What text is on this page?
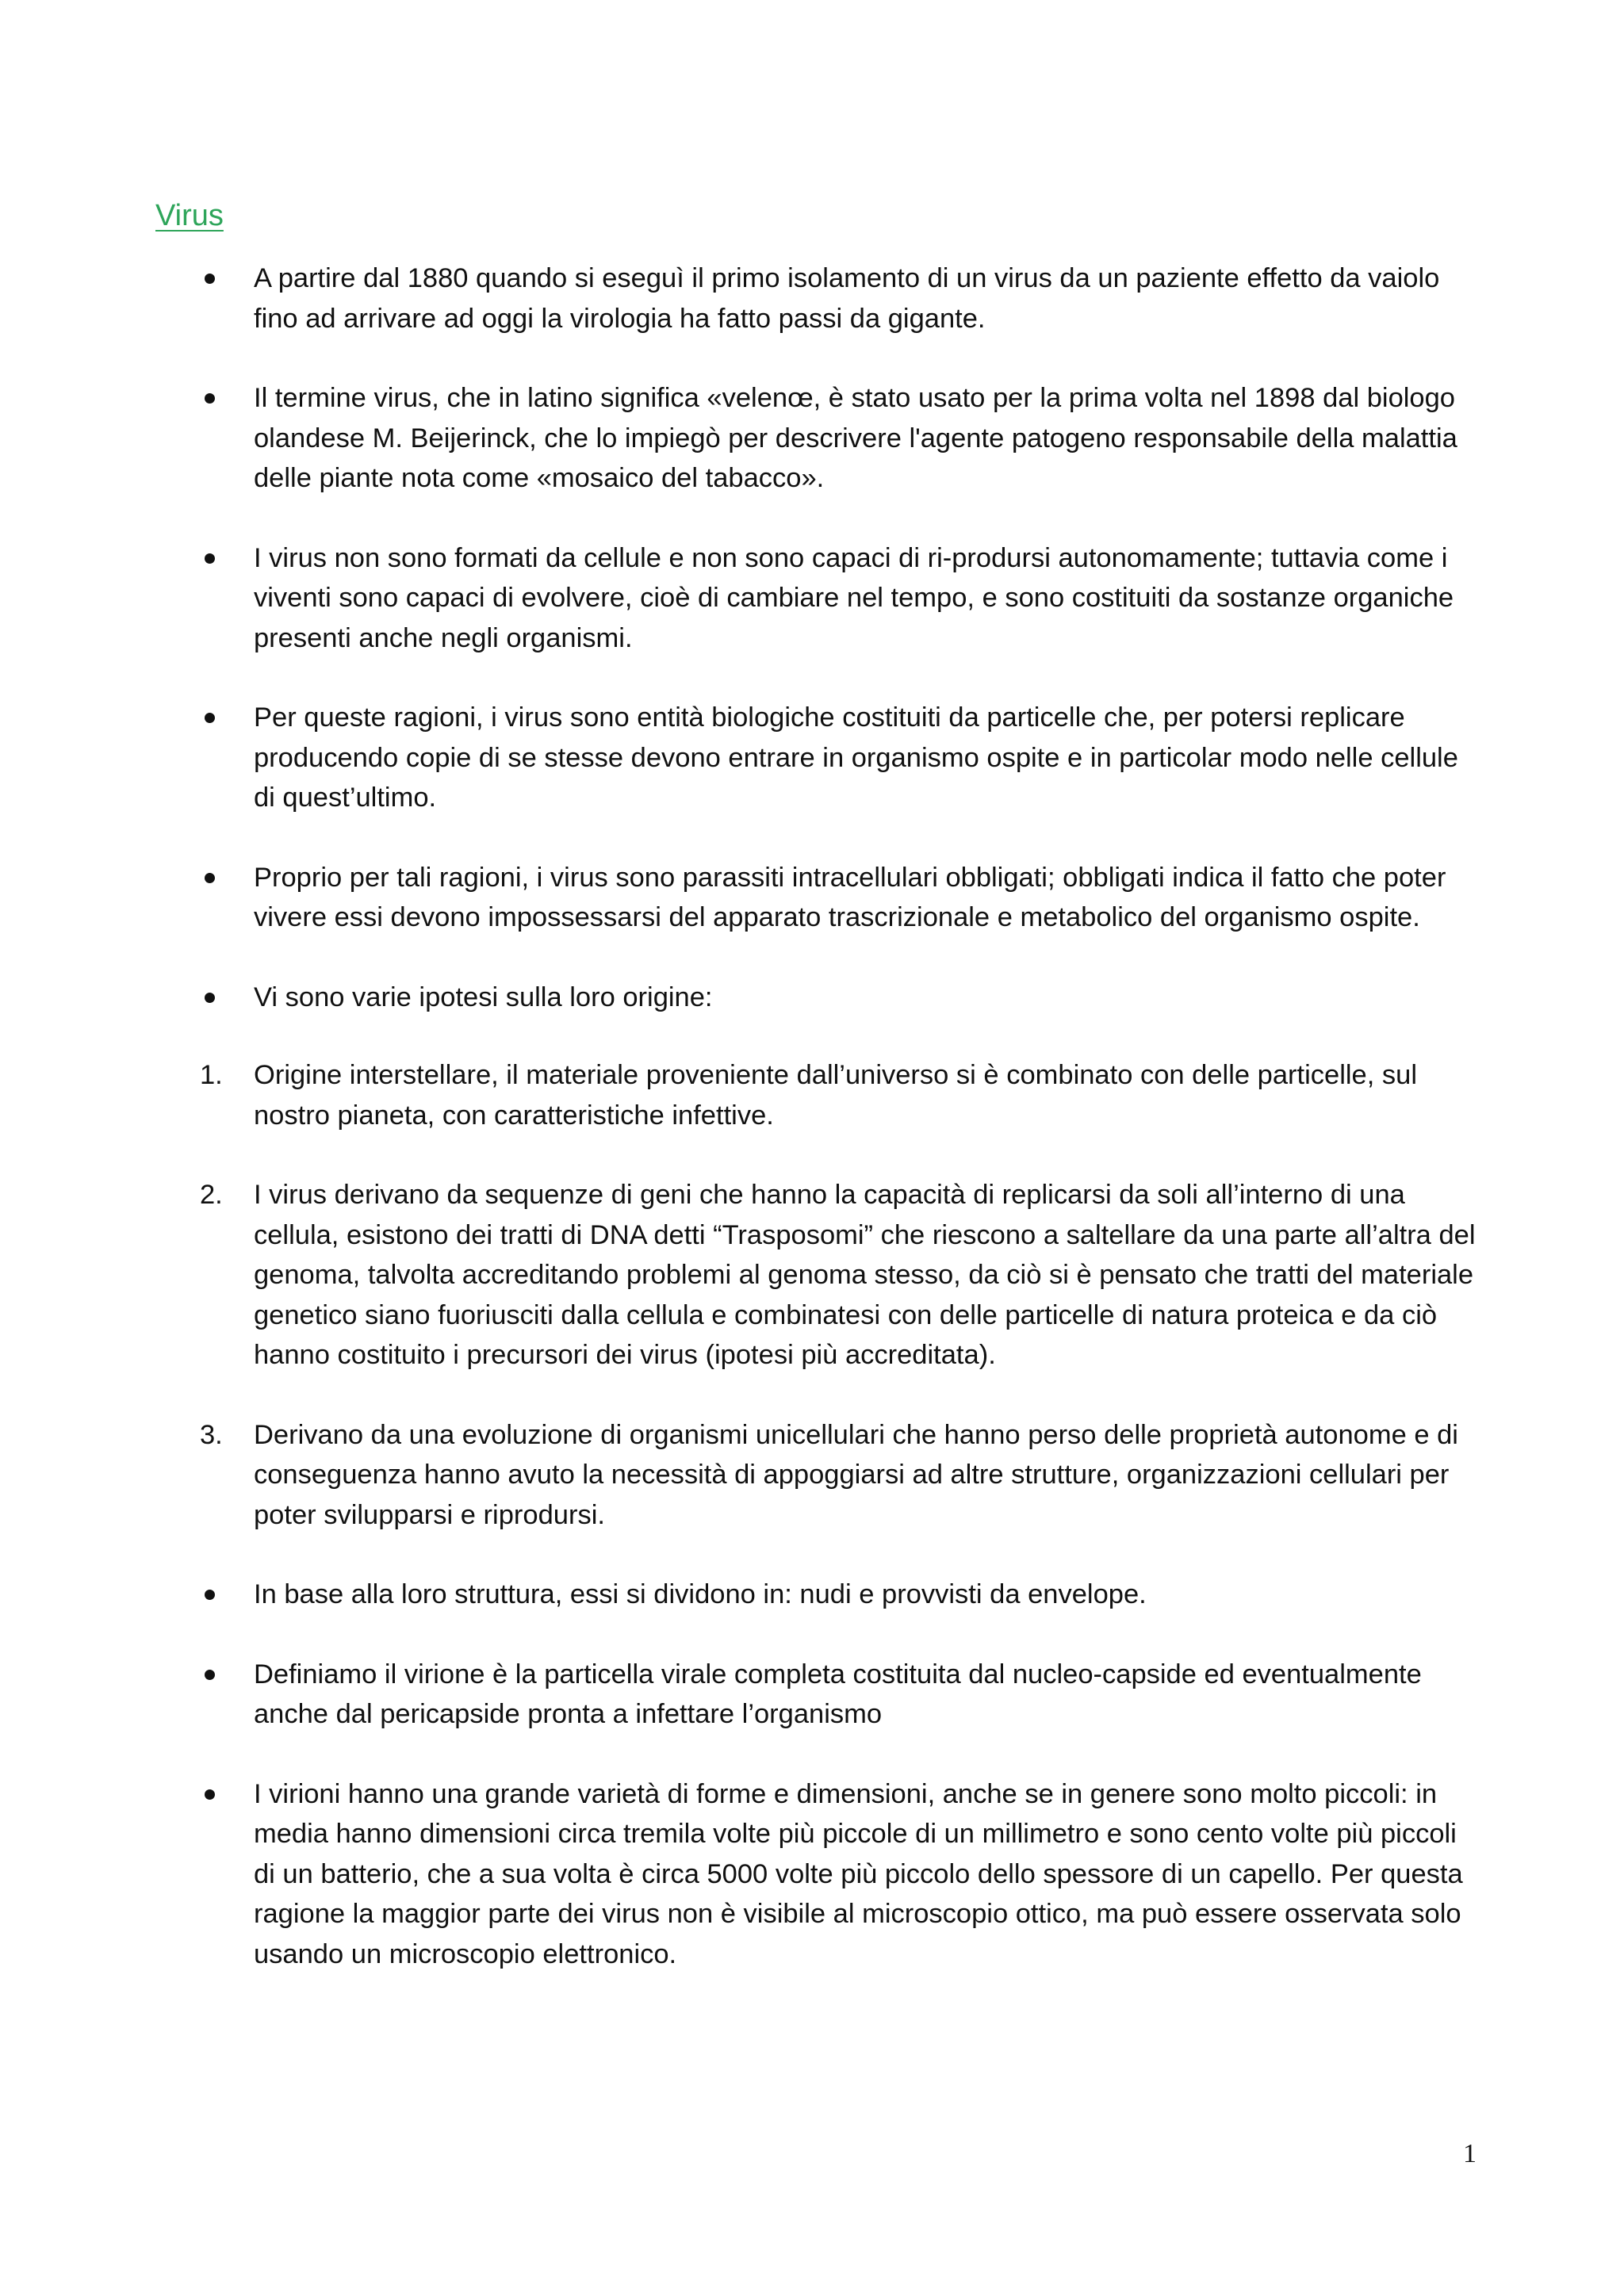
Virus
A partire dal 1880 quando si eseguì il primo isolamento di un virus da un paziente effetto da vaiolo fino ad arrivare ad oggi la virologia ha fatto passi da gigante.
Il termine virus, che in latino significa «velenœ, è stato usato per la prima volta nel 1898 dal biologo olandese M. Beijerinck, che lo impiegò per descrivere l'agente patogeno responsabile della malattia delle piante nota come «mosaico del tabacco».
I virus non sono formati da cellule e non sono capaci di ri-prodursi autonomamente; tuttavia come i viventi sono capaci di evolvere, cioè di cambiare nel tempo, e sono costituiti da sostanze organiche presenti anche negli organismi.
Per queste ragioni, i virus sono entità biologiche costituiti da particelle che, per potersi replicare producendo copie di se stesse devono entrare in organismo ospite e in particolar modo nelle cellule di quest’ultimo.
Proprio per tali ragioni, i virus sono parassiti intracellulari obbligati; obbligati indica il fatto che poter vivere essi devono impossessarsi del apparato trascrizionale e metabolico del organismo ospite.
Vi sono varie ipotesi sulla loro origine:
1. Origine interstellare, il materiale proveniente dall’universo si è combinato con delle particelle, sul nostro pianeta, con caratteristiche infettive.
2. I virus derivano da sequenze di geni che hanno la capacità di replicarsi da soli all’interno di una cellula, esistono dei tratti di DNA detti “Trasposomi” che riescono a saltellare da una parte all’altra del genoma, talvolta accreditando problemi al genoma stesso, da ciò si è pensato che tratti del materiale genetico siano fuoriusciti dalla cellula e combinatesi con delle particelle di natura proteica e da ciò hanno costituito i precursori dei virus (ipotesi più accreditata).
3. Derivano da una evoluzione di organismi unicellulari che hanno perso delle proprietà autonome e di conseguenza hanno avuto la necessità di appoggiarsi ad altre strutture, organizzazioni cellulari per poter svilupparsi e riprodursi.
In base alla loro struttura, essi si dividono in: nudi e provvisti da envelope.
Definiamo il virione è la particella virale completa costituita dal nucleo-capside ed eventualmente anche dal pericapside pronta a infettare l’organismo
I virioni hanno una grande varietà di forme e dimensioni, anche se in genere sono molto piccoli: in media hanno dimensioni circa tremila volte più piccole di un millimetro e sono cento volte più piccoli di un batterio, che a sua volta è circa 5000 volte più piccolo dello spessore di un capello. Per questa ragione la maggior parte dei virus non è visibile al microscopio ottico, ma può essere osservata solo usando un microscopio elettronico.
1
